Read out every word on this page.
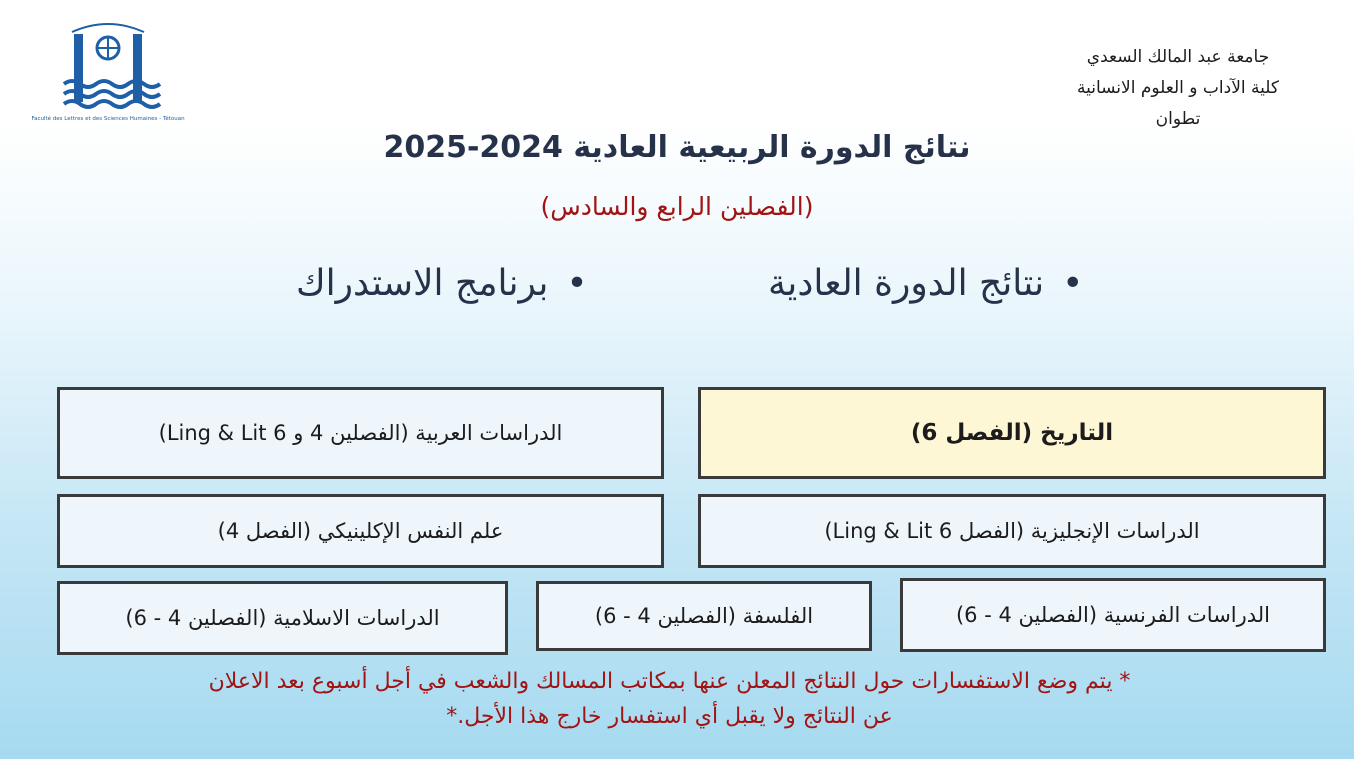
Faculté des Lettres et des Sciences Humaines - Tétouan
جامعة عبد المالك السعدي
كلية الآداب و العلوم الانسانية
تطوان
نتائج الدورة الربيعية العادية 2024-2025
(الفصلين الرابع والسادس)
•نتائج الدورة العادية
•برنامج الاستدراك
التاريخ (الفصل 6)
الدراسات العربية (الفصلين 4 و Ling & Lit 6)
الدراسات الإنجليزية (الفصل Ling & Lit 6)
علم النفس الإكلينيكي (الفصل 4)
الدراسات الفرنسية (الفصلين 4 - 6)
الفلسفة (الفصلين 4 - 6)
الدراسات الاسلامية (الفصلين 4 - 6)
* يتم وضع الاستفسارات حول النتائج المعلن عنها بمكاتب المسالك والشعب في أجل أسبوع بعد الاعلان
عن النتائج ولا يقبل أي استفسار خارج هذا الأجل.*
